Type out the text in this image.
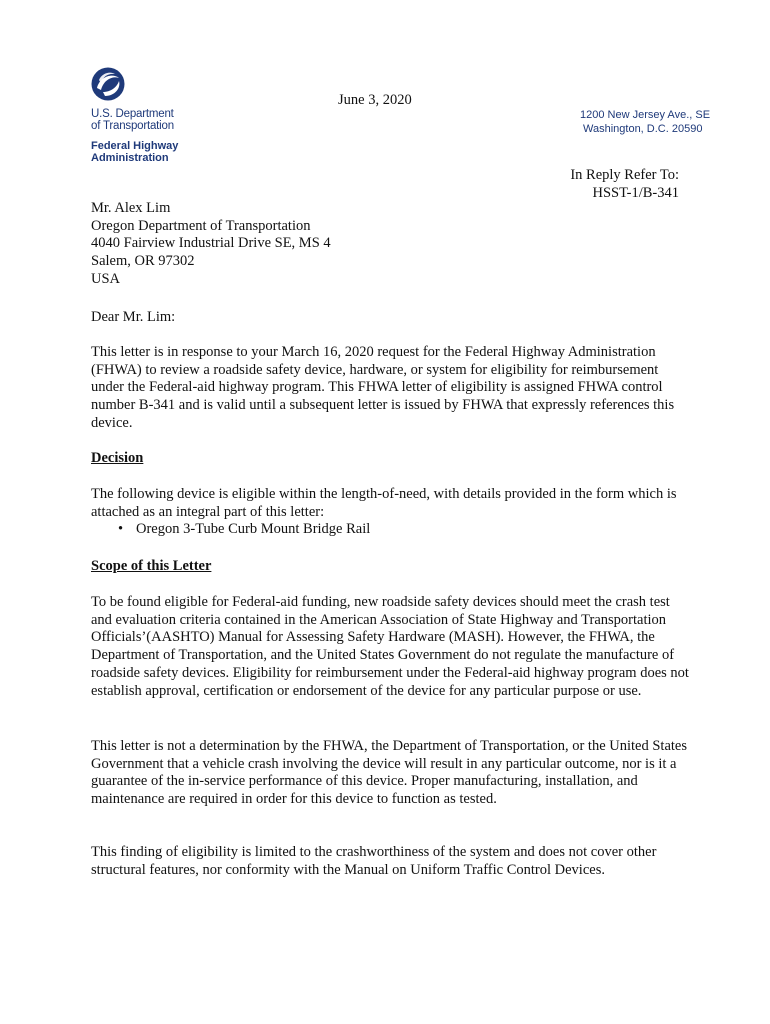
U.S. Department

of Transportation

Federal Highway

Administration

June 3, 2020
1200 New Jersey Ave., SE
Washington, D.C. 20590
In Reply Refer To:
HSST-1/B-341
Mr. Alex Lim
Oregon Department of Transportation
4040 Fairview Industrial Drive SE, MS 4
Salem, OR 97302
USA
Dear Mr. Lim:
This letter is in response to your March 16, 2020 request for the Federal Highway Administration (FHWA) to review a roadside safety device, hardware, or system for eligibility for reimbursement under the Federal-aid highway program. This FHWA letter of eligibility is assigned FHWA control number B-341 and is valid until a subsequent letter is issued by FHWA that expressly references this device.
Decision
The following device is eligible within the length-of-need, with details provided in the form which is attached as an integral part of this letter:
• Oregon 3-Tube Curb Mount Bridge Rail
Scope of this Letter
To be found eligible for Federal-aid funding, new roadside safety devices should meet the crash test and evaluation criteria contained in the American Association of State Highway and Transportation Officials’(AASHTO) Manual for Assessing Safety Hardware (MASH). However, the FHWA, the Department of Transportation, and the United States Government do not regulate the manufacture of roadside safety devices. Eligibility for reimbursement under the Federal-aid highway program does not establish approval, certification or endorsement of the device for any particular purpose or use.
This letter is not a determination by the FHWA, the Department of Transportation, or the United States Government that a vehicle crash involving the device will result in any particular outcome, nor is it a guarantee of the in-service performance of this device. Proper manufacturing, installation, and maintenance are required in order for this device to function as tested.
This finding of eligibility is limited to the crashworthiness of the system and does not cover other structural features, nor conformity with the Manual on Uniform Traffic Control Devices.
